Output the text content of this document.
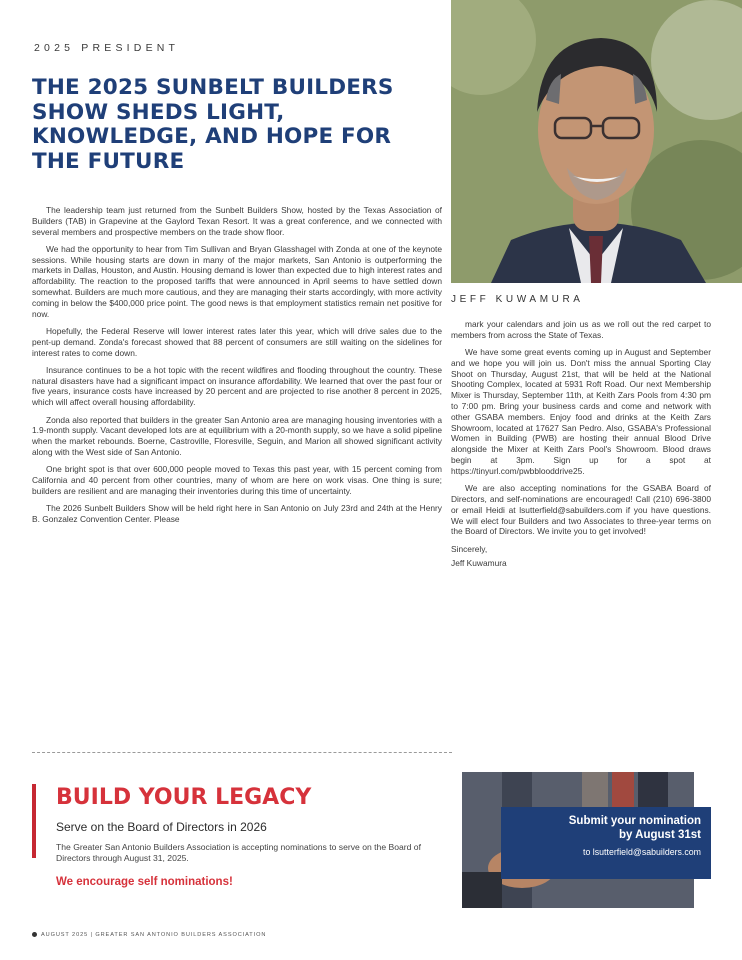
2025 PRESIDENT
THE 2025 SUNBELT BUILDERS SHOW SHEDS LIGHT, KNOWLEDGE, AND HOPE FOR THE FUTURE
JEFF KUWAMURA

The leadership team just returned from the Sunbelt Builders Show, hosted by the Texas Association of Builders (TAB) in Grapevine at the Gaylord Texan Resort. It was a great conference, and we connected with several members and prospective members on the trade show floor.

We had the opportunity to hear from Tim Sullivan and Bryan Glasshagel with Zonda at one of the keynote sessions. While housing starts are down in many of the major markets, San Antonio is outperforming the markets in Dallas, Houston, and Austin. Housing demand is lower than expected due to high interest rates and affordability. The reaction to the proposed tariffs that were announced in April seems to have settled down somewhat. Builders are much more cautious, and they are managing their starts accordingly, with more activity coming in below the $400,000 price point. The good news is that employment statistics remain net positive for now.

Hopefully, the Federal Reserve will lower interest rates later this year, which will drive sales due to the pent-up demand. Zonda's forecast showed that 88 percent of consumers are still waiting on the sidelines for interest rates to come down.

Insurance continues to be a hot topic with the recent wildfires and flooding throughout the country. These natural disasters have had a significant impact on insurance affordability. We learned that over the past four or five years, insurance costs have increased by 20 percent and are projected to rise another 8 percent in 2025, which will affect overall housing affordability.

Zonda also reported that builders in the greater San Antonio area are managing housing inventories with a 1.9-month supply. Vacant developed lots are at equilibrium with a 20-month supply, so we have a solid pipeline when the market rebounds. Boerne, Castroville, Floresville, Seguin, and Marion all showed significant activity along with the West side of San Antonio.

One bright spot is that over 600,000 people moved to Texas this past year, with 15 percent coming from California and 40 percent from other countries, many of whom are here on work visas. One thing is sure; builders are resilient and are managing their inventories during this time of uncertainty.

The 2026 Sunbelt Builders Show will be held right here in San Antonio on July 23rd and 24th at the Henry B. Gonzalez Convention Center. Please

mark your calendars and join us as we roll out the red carpet to members from across the State of Texas.

We have some great events coming up in August and September and we hope you will join us. Don't miss the annual Sporting Clay Shoot on Thursday, August 21st, that will be held at the National Shooting Complex, located at 5931 Roft Road. Our next Membership Mixer is Thursday, September 11th, at Keith Zars Pools from 4:30 pm to 7:00 pm. Bring your business cards and come and network with other GSABA members. Enjoy food and drinks at the Keith Zars Showroom, located at 17627 San Pedro. Also, GSABA's Professional Women in Building (PWB) are hosting their annual Blood Drive alongside the Mixer at Keith Zars Pool's Showroom. Blood draws begin at 3pm. Sign up for a spot at https://tinyurl.com/pwbblooddrive25.

We are also accepting nominations for the GSABA Board of Directors, and self-nominations are encouraged! Call (210) 696-3800 or email Heidi at lsutterfield@sabuilders.com if you have questions. We will elect four Builders and two Associates to three-year terms on the Board of Directors. We invite you to get involved!

Sincerely,

Jeff Kuwamura

BUILD YOUR LEGACY
Serve on the Board of Directors in 2026
The Greater San Antonio Builders Association is accepting nominations to serve on the Board of Directors through August 31, 2025.
We encourage self nominations!
Submit your nomination
by August 31st
to lsutterfield@sabuilders.com
AUGUST 2025 | GREATER SAN ANTONIO BUILDERS ASSOCIATION
